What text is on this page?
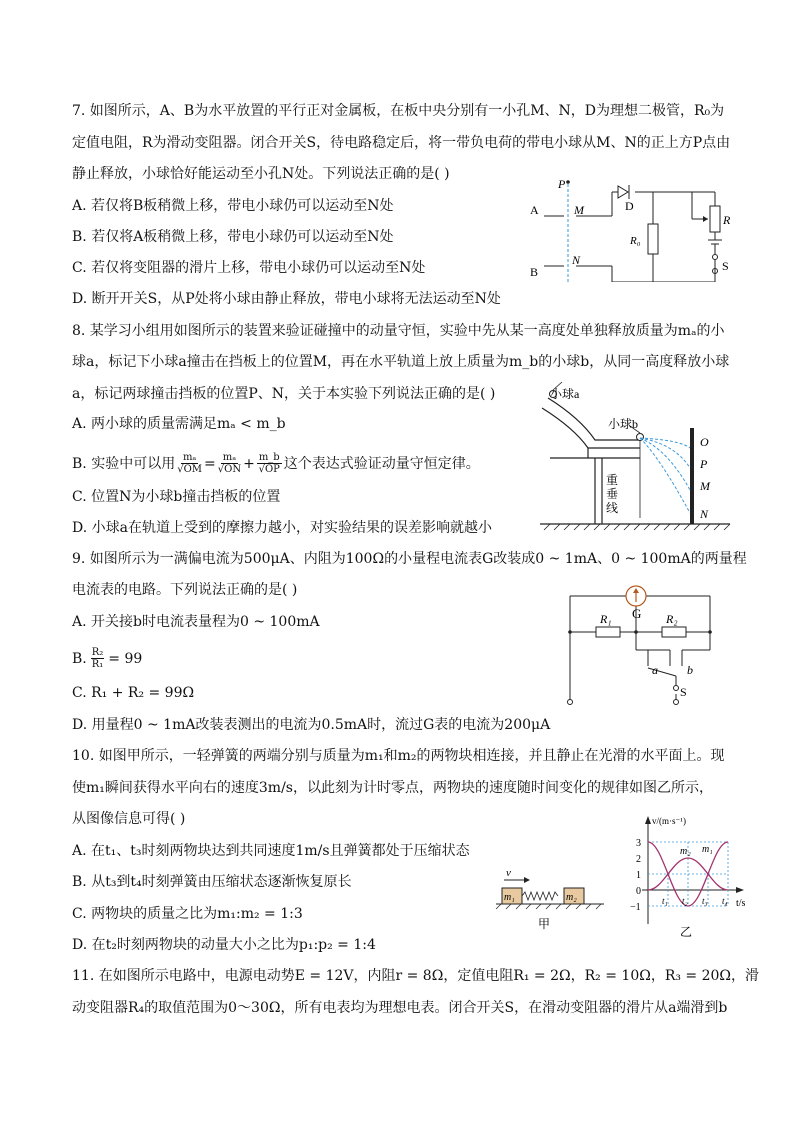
7. 如图所示，A、B为水平放置的平行正对金属板，在板中央分别有一小孔M、N，D为理想二极管，R₀为
定值电阻，R为滑动变阻器。闭合开关S，待电路稳定后，将一带负电荷的带电小球从M、N的正上方P点由
静止释放，小球恰好能运动至小孔N处。下列说法正确的是( )
A. 若仅将B板稍微上移，带电小球仍可以运动至N处
B. 若仅将A板稍微上移，带电小球仍可以运动至N处
C. 若仅将变阻器的滑片上移，带电小球仍可以运动至N处
D. 断开开关S，从P处将小球由静止释放，带电小球将无法运动至N处
P
A
B
M
N
D
R₀
R
S
8. 某学习小组用如图所示的装置来验证碰撞中的动量守恒，实验中先从某一高度处单独释放质量为mₐ的小
球a，标记下小球a撞击在挡板上的位置M，再在水平轨道上放上质量为m_b的小球b，从同一高度释放小球
a，标记两球撞击挡板的位置P、N，关于本实验下列说法正确的是( )
A. 两小球的质量需满足mₐ < m_b
B. 实验中可以用 $\frac{\text{mₐ}}{√OM} = \frac{\text{mₐ}}{√ON} + \frac{m\_b}{√OP}$ 这个表达式验证动量守恒定律。
C. 位置N为小球b撞击挡板的位置
D. 小球a在轨道上受到的摩擦力越小，对实验结果的误差影响就越小
小球a
小球b
重
垂
线
O
P
M
N
9. 如图所示为一满偏电流为500μA、内阻为100Ω的小量程电流表G改装成0 ~ 1mA、0 ~ 100mA的两量程
电流表的电路。下列说法正确的是( )
A. 开关接b时电流表量程为0 ~ 100mA
B. $\frac{\text{R₂}}{\text{R₁}} = 99$
C. R₁ + R₂ = 99Ω
D. 用量程0 ~ 1mA改装表测出的电流为0.5mA时，流过G表的电流为200μA
G
R₁	R₂
a b
S
10. 如图甲所示，一轻弹簧的两端分别与质量为m₁和m₂的两物块相连接，并且静止在光滑的水平面上。现
使m₁瞬间获得水平向右的速度3m/s，以此刻为计时零点，两物块的速度随时间变化的规律如图乙所示，
从图像信息可得( )
A. 在t₁、t₃时刻两物块达到共同速度1m/s且弹簧都处于压缩状态
B. 从t₃到t₄时刻弹簧由压缩状态逐渐恢复原长
C. 两物块的质量之比为m₁:m₂ = 1:3
D. 在t₂时刻两物块的动量大小之比为p₁:p₂ = 1:4
v
m₁	m₂
甲
v/(m·s⁻¹)
t/s
3
2
1
0
−1
t₁ t₂ t₃ t₄
m₂ m₁
乙
11. 在如图所示电路中，电源电动势E = 12V，内阻r = 8Ω，定值电阻R₁ = 2Ω，R₂ = 10Ω，R₃ = 20Ω，滑
动变阻器R₄的取值范围为0～30Ω，所有电表均为理想电表。闭合开关S，在滑动变阻器的滑片从a端滑到b
